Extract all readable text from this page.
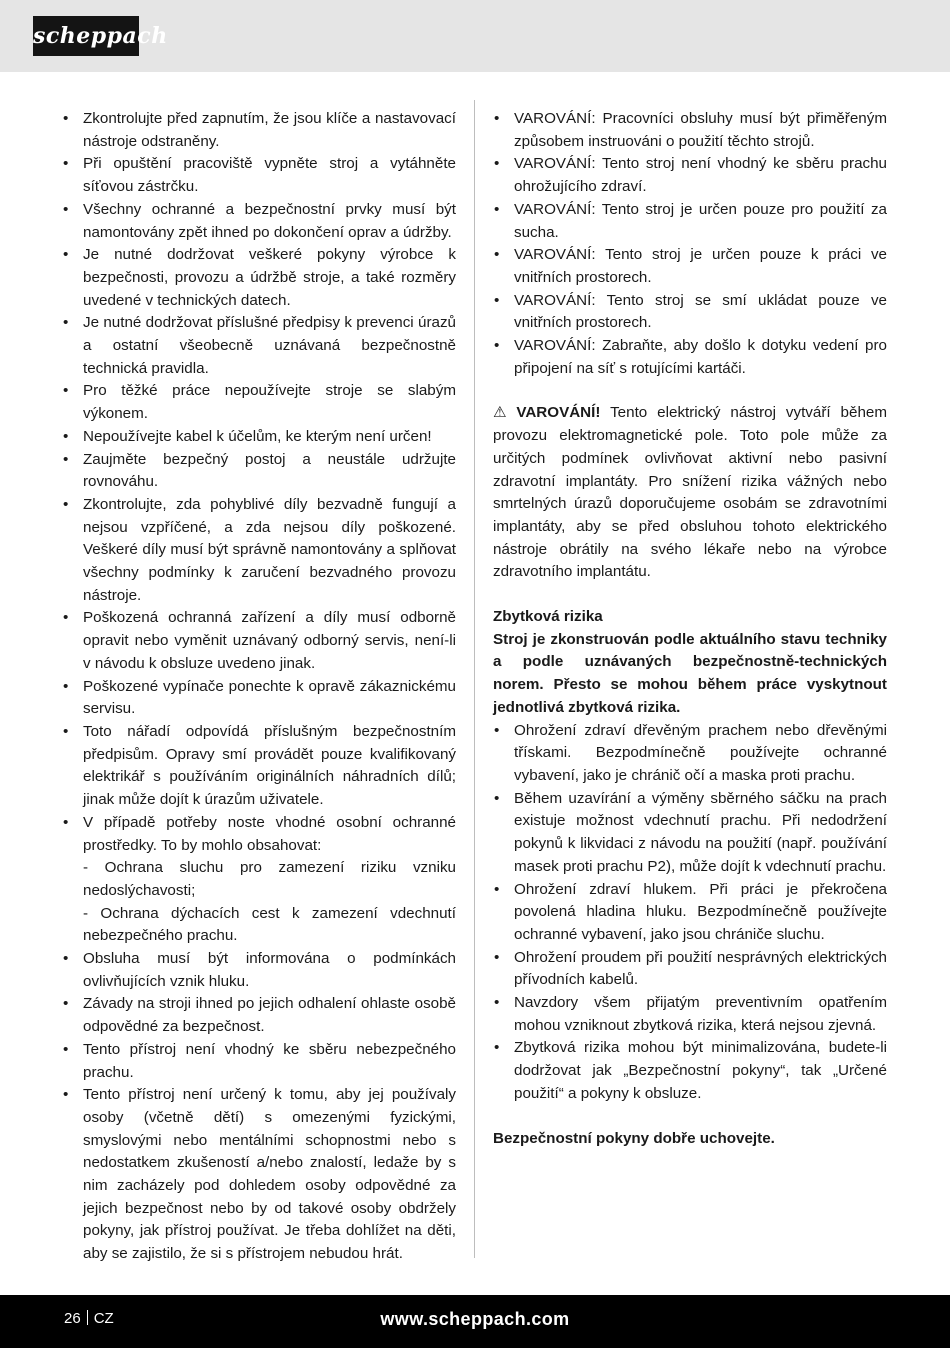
scheppach
• Zkontrolujte před zapnutím, že jsou klíče a nastavovací nástroje odstraněny.
• Při opuštění pracoviště vypněte stroj a vytáhněte síťovou zástrčku.
• Všechny ochranné a bezpečnostní prvky musí být namontovány zpět ihned po dokončení oprav a údržby.
• Je nutné dodržovat veškeré pokyny výrobce k bezpečnosti, provozu a údržbě stroje, a také rozměry uvedené v technických datech.
• Je nutné dodržovat příslušné předpisy k prevenci úrazů a ostatní všeobecně uznávaná bezpečnostně technická pravidla.
• Pro těžké práce nepoužívejte stroje se slabým výkonem.
• Nepoužívejte kabel k účelům, ke kterým není určen!
• Zaujměte bezpečný postoj a neustále udržujte rovnováhu.
• Zkontrolujte, zda pohyblivé díly bezvadně fungují a nejsou vzpříčené, a zda nejsou díly poškozené. Veškeré díly musí být správně namontovány a splňovat všechny podmínky k zaručení bezvadného provozu nástroje.
• Poškozená ochranná zařízení a díly musí odborně opravit nebo vyměnit uznávaný odborný servis, není-li v návodu k obsluze uvedeno jinak.
• Poškozené vypínače ponechte k opravě zákaznickému servisu.
• Toto nářadí odpovídá příslušným bezpečnostním předpisům. Opravy smí provádět pouze kvalifikovaný elektrikář s používáním originálních náhradních dílů; jinak může dojít k úrazům uživatele.
• V případě potřeby noste vhodné osobní ochranné prostředky. To by mohlo obsahovat:
- Ochrana sluchu pro zamezení riziku vzniku nedoslýchavosti;
- Ochrana dýchacích cest k zamezení vdechnutí nebezpečného prachu.
• Obsluha musí být informována o podmínkách ovlivňujících vznik hluku.
• Závady na stroji ihned po jejich odhalení ohlaste osobě odpovědné za bezpečnost.
• Tento přístroj není vhodný ke sběru nebezpečného prachu.
• Tento přístroj není určený k tomu, aby jej používaly osoby (včetně dětí) s omezenými fyzickými, smyslovými nebo mentálními schopnostmi nebo s nedostatkem zkušeností a/nebo znalostí, ledaže by s nim zacházely pod dohledem osoby odpovědné za jejich bezpečnost nebo by od takové osoby obdržely pokyny, jak přístroj používat. Je třeba dohlížet na děti, aby se zajistilo, že si s přístrojem nebudou hrát.
• VAROVÁNÍ: Pracovníci obsluhy musí být přiměřeným způsobem instruováni o použití těchto strojů.
• VAROVÁNÍ: Tento stroj není vhodný ke sběru prachu ohrožujícího zdraví.
• VAROVÁNÍ: Tento stroj je určen pouze pro použití za sucha.
• VAROVÁNÍ: Tento stroj je určen pouze k práci ve vnitřních prostorech.
• VAROVÁNÍ: Tento stroj se smí ukládat pouze ve vnitřních prostorech.
• VAROVÁNÍ: Zabraňte, aby došlo k dotyku vedení pro připojení na síť s rotujícími kartáči.

⚠ VAROVÁNÍ! Tento elektrický nástroj vytváří během provozu elektromagnetické pole. Toto pole může za určitých podmínek ovlivňovat aktivní nebo pasivní zdravotní implantáty. Pro snížení rizika vážných nebo smrtelných úrazů doporučujeme osobám se zdravotními implantáty, aby se před obsluhou tohoto elektrického nástroje obrátily na svého lékaře nebo na výrobce zdravotního implantátu.

Zbytková rizika

Stroj je zkonstruován podle aktuálního stavu techniky a podle uznávaných bezpečnostně-technických norem. Přesto se mohou během práce vyskytnout jednotlivá zbytková rizika.

• Ohrožení zdraví dřevěným prachem nebo dřevěnými třískami. Bezpodmínečně používejte ochranné vybavení, jako je chránič očí a maska proti prachu.
• Během uzavírání a výměny sběrného sáčku na prach existuje možnost vdechnutí prachu. Při nedodržení pokynů k likvidaci z návodu na použití (např. používání masek proti prachu P2), může dojít k vdechnutí prachu.
• Ohrožení zdraví hlukem. Při práci je překročena povolená hladina hluku. Bezpodmínečně používejte ochranné vybavení, jako jsou chrániče sluchu.
• Ohrožení proudem při použití nesprávných elektrických přívodních kabelů.
• Navzdory všem přijatým preventivním opatřením mohou vzniknout zbytková rizika, která nejsou zjevná.
• Zbytková rizika mohou být minimalizována, budete-li dodržovat jak „Bezpečnostní pokyny“, tak „Určené použití“ a pokyny k obsluze.
Bezpečnostní pokyny dobře uchovejte.
26 CZ	www.scheppach.com
